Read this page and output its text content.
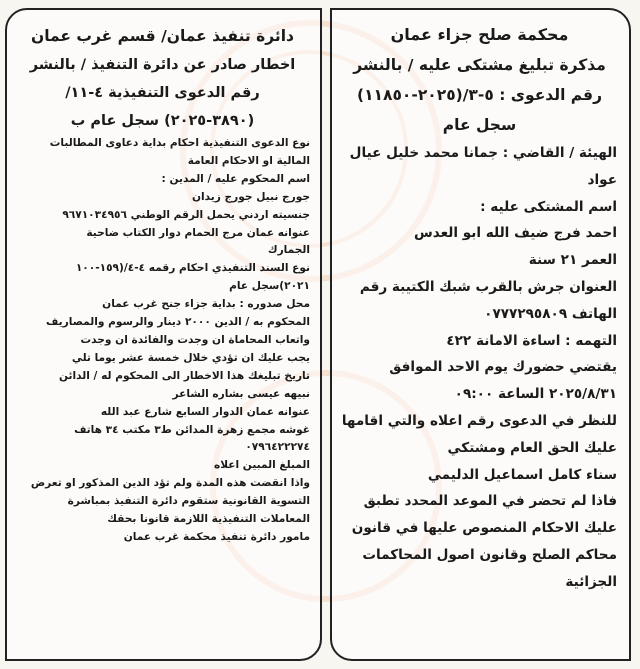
محكمة صلح جزاء عمان
مذكرة تبليغ مشتكى عليه / بالنشر
رقم الدعوى : ٥-٣/(٢٠٢٥-١١٨٥٠)
سجل عام
الهيئة / القاضي : جمانا محمد خليل عيال
عواد
اسم المشتكى عليه :
احمد فرج ضيف الله ابو العدس
العمر ٢١ سنة
العنوان جرش بالقرب شبك الكتيبة رقم
الهاتف ٠٧٧٧٢٩٥٨٠٩
التهمه : اساءة الامانة ٤٢٢
يقتضي حضورك يوم الاحد الموافق
٢٠٢٥/٨/٣١ الساعة ٠٩:٠٠
للنظر في الدعوى رقم اعلاه والتي اقامها
عليك الحق العام ومشتكي
سناء كامل اسماعيل الدليمي
فاذا لم تحضر في الموعد المحدد تطبق
عليك الاحكام المنصوص عليها في قانون
محاكم الصلح وقانون اصول المحاكمات
الجزائية
دائرة تنفيذ عمان/ قسم غرب عمان
اخطار صادر عن دائرة التنفيذ / بالنشر
رقم الدعوى التنفيذية ٤-١١/
(٣٨٩٠-٢٠٢٥) سجل عام ب
نوع الدعوى التنفيذية احكام بداية دعاوى المطالبات
المالية او الاحكام العامة
اسم المحكوم عليه / المدين :
جورج نبيل جورج زيدان
جنسيته اردني يحمل الرقم الوطني ٩٦٧١٠٣٤٩٥٦
عنوانه عمان مرج الحمام دوار الكتاب ضاحية
الجمارك
نوع السند التنفيذي احكام رقمه ٤-٤/(١٥٩-١٠٠
٢٠٢١)سجل عام
محل صدوره : بداية جزاء جنح غرب عمان
المحكوم به / الدين ٢٠٠٠ دينار والرسوم والمصاريف
واتعاب المحاماة ان وجدت والفائدة ان وجدت
يجب عليك ان تؤدي خلال خمسة عشر يوما تلي
تاريخ تبليغك هذا الاخطار الى المحكوم له / الدائن
نبيهه عيسى بشاره الشاعر
عنوانه عمان الدوار السابع شارع عبد الله
غوشه مجمع زهرة المدائن ط٣ مكتب ٣٤ هاتف
٠٧٩٦٤٢٢٢٧٤
المبلغ المبين اعلاه
واذا انقضت هذه المدة ولم تؤد الدين المذكور او تعرض
التسوية القانونية ستقوم دائرة التنفيذ بمباشرة
المعاملات التنفيذية اللازمة قانونا بحقك
مامور دائرة تنفيذ محكمة غرب عمان
